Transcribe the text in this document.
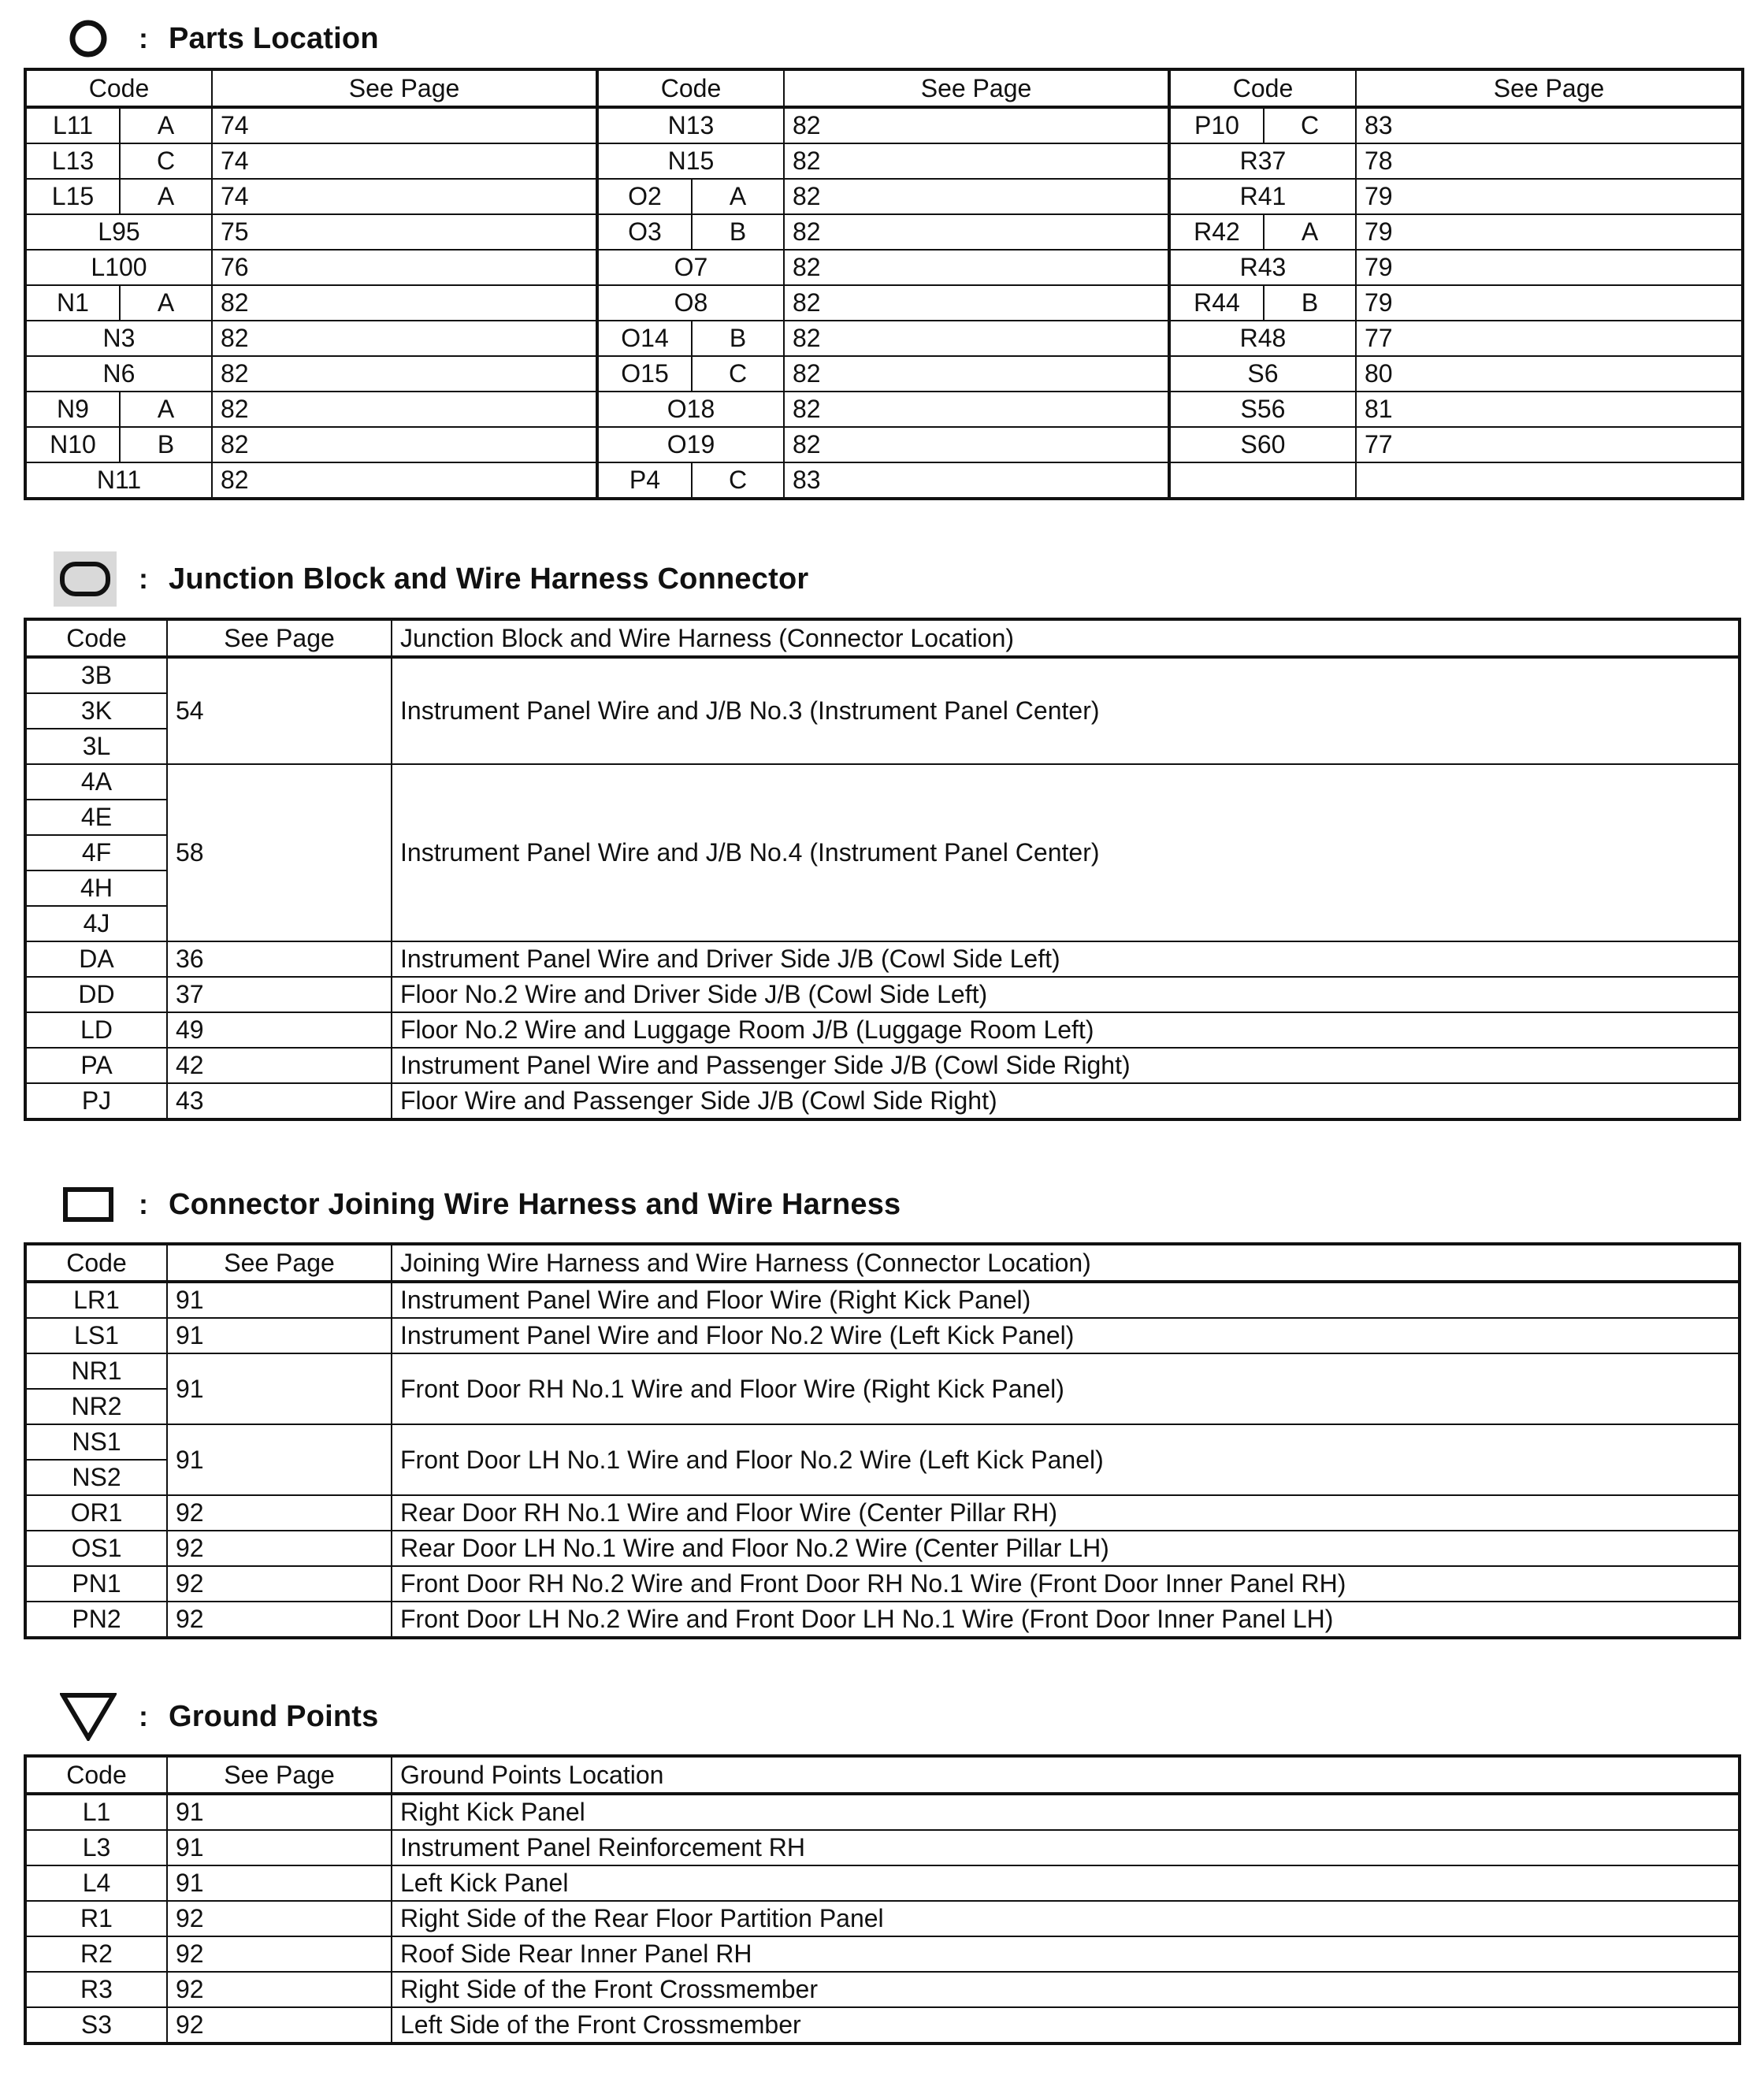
: Parts Location
Code		See Page	Code		See Page	Code		See Page
L11	A	74	N13		82	P10	C	83
L13	C	74	N15		82	R37		78
L15	A	74	O2	A	82	R41		79
L95		75	O3	B	82	R42	A	79
L100		76	O7		82	R43		79
N1	A	82	O8		82	R44	B	79
N3		82	O14	B	82	R48		77
N6		82	O15	C	82	S6		80
N9	A	82	O18		82	S56		81
N10	B	82	O19		82	S60		77
N11		82	P4	C	83			
: Junction Block and Wire Harness Connector
Code	See Page	Junction Block and Wire Harness (Connector Location)
3B	54	Instrument Panel Wire and J/B No.3 (Instrument Panel Center)
3K		
3L		
4A	58	Instrument Panel Wire and J/B No.4 (Instrument Panel Center)
4E		
4F		
4H		
4J		
DA	36	Instrument Panel Wire and Driver Side J/B (Cowl Side Left)
DD	37	Floor No.2 Wire and Driver Side J/B (Cowl Side Left)
LD	49	Floor No.2 Wire and Luggage Room J/B (Luggage Room Left)
PA	42	Instrument Panel Wire and Passenger Side J/B (Cowl Side Right)
PJ	43	Floor Wire and Passenger Side J/B (Cowl Side Right)
: Connector Joining Wire Harness and Wire Harness
Code	See Page	Joining Wire Harness and Wire Harness (Connector Location)
LR1	91	Instrument Panel Wire and Floor Wire (Right Kick Panel)
LS1	91	Instrument Panel Wire and Floor No.2 Wire (Left Kick Panel)
NR1	91	Front Door RH No.1 Wire and Floor Wire (Right Kick Panel)
NR2		
NS1	91	Front Door LH No.1 Wire and Floor No.2 Wire (Left Kick Panel)
NS2		
OR1	92	Rear Door RH No.1 Wire and Floor Wire (Center Pillar RH)
OS1	92	Rear Door LH No.1 Wire and Floor No.2 Wire (Center Pillar LH)
PN1	92	Front Door RH No.2 Wire and Front Door RH No.1 Wire (Front Door Inner Panel RH)
PN2	92	Front Door LH No.2 Wire and Front Door LH No.1 Wire (Front Door Inner Panel LH)
: Ground Points
Code	See Page	Ground Points Location
L1	91	Right Kick Panel
L3	91	Instrument Panel Reinforcement RH
L4	91	Left Kick Panel
R1	92	Right Side of the Rear Floor Partition Panel
R2	92	Roof Side Rear Inner Panel RH
R3	92	Right Side of the Front Crossmember
S3	92	Left Side of the Front Crossmember
